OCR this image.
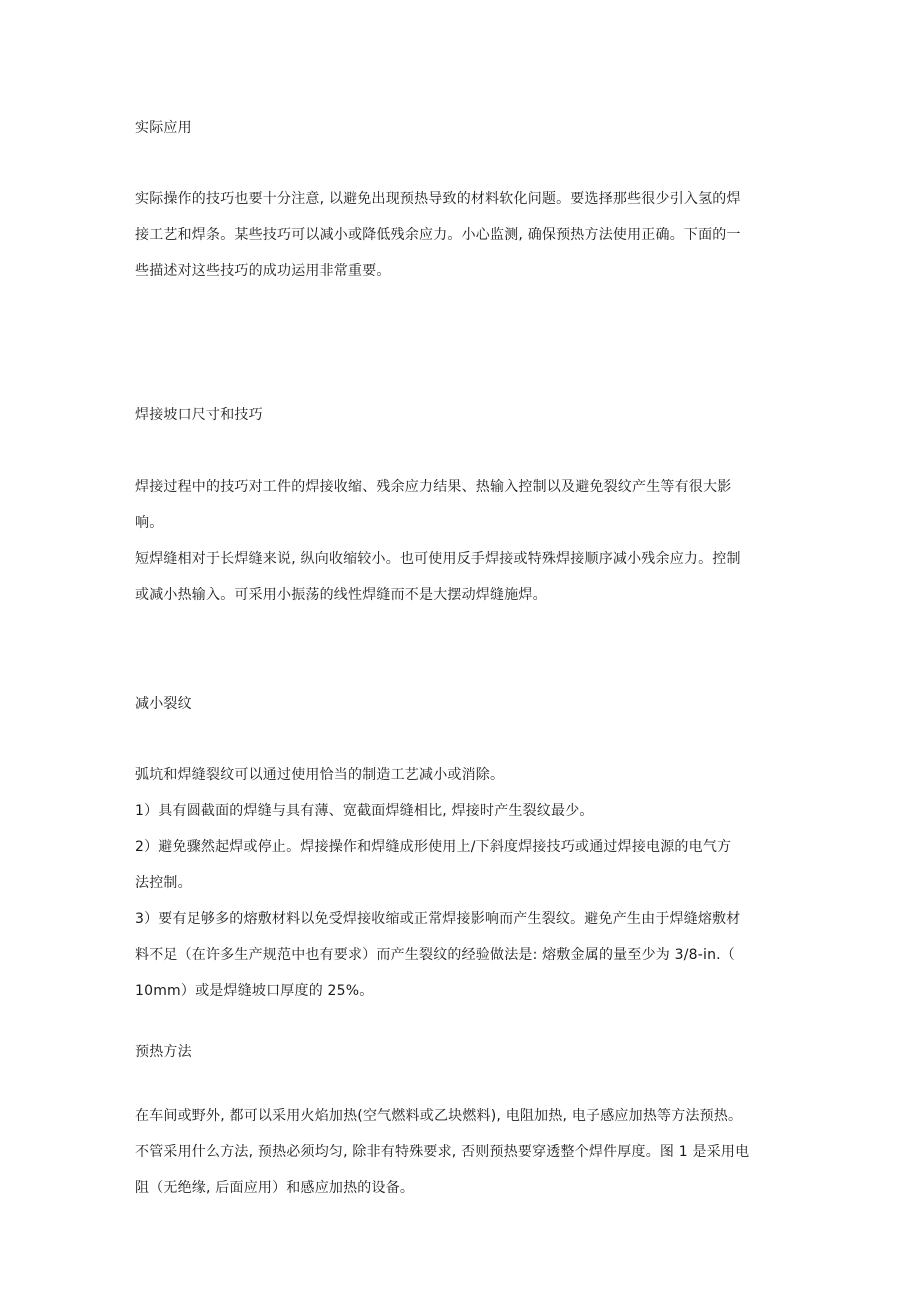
实际应用
实际操作的技巧也要十分注意, 以避免出现预热导致的材料软化问题。要选择那些很少引入氢的焊
接工艺和焊条。某些技巧可以减小或降低残余应力。小心监测, 确保预热方法使用正确。下面的一
些描述对这些技巧的成功运用非常重要。
焊接坡口尺寸和技巧
焊接过程中的技巧对工件的焊接收缩、残余应力结果、热输入控制以及避免裂纹产生等有很大影
响。
短焊缝相对于长焊缝来说, 纵向收缩较小。也可使用反手焊接或特殊焊接顺序减小残余应力。控制
或减小热输入。可采用小振荡的线性焊缝而不是大摆动焊缝施焊。
减小裂纹
弧坑和焊缝裂纹可以通过使用恰当的制造工艺减小或消除。
1）具有圆截面的焊缝与具有薄、宽截面焊缝相比, 焊接时产生裂纹最少。
2）避免骤然起焊或停止。焊接操作和焊缝成形使用上/下斜度焊接技巧或通过焊接电源的电气方
法控制。
3）要有足够多的熔敷材料以免受焊接收缩或正常焊接影响而产生裂纹。避免产生由于焊缝熔敷材
料不足（在许多生产规范中也有要求）而产生裂纹的经验做法是: 熔敷金属的量至少为 3/8-in.（
10mm）或是焊缝坡口厚度的 25%。
预热方法
在车间或野外, 都可以采用火焰加热(空气燃料或乙块燃料), 电阻加热, 电子感应加热等方法预热。
不管采用什么方法, 预热必须均匀, 除非有特殊要求, 否则预热要穿透整个焊件厚度。图 1 是采用电
阻（无绝缘, 后面应用）和感应加热的设备。
